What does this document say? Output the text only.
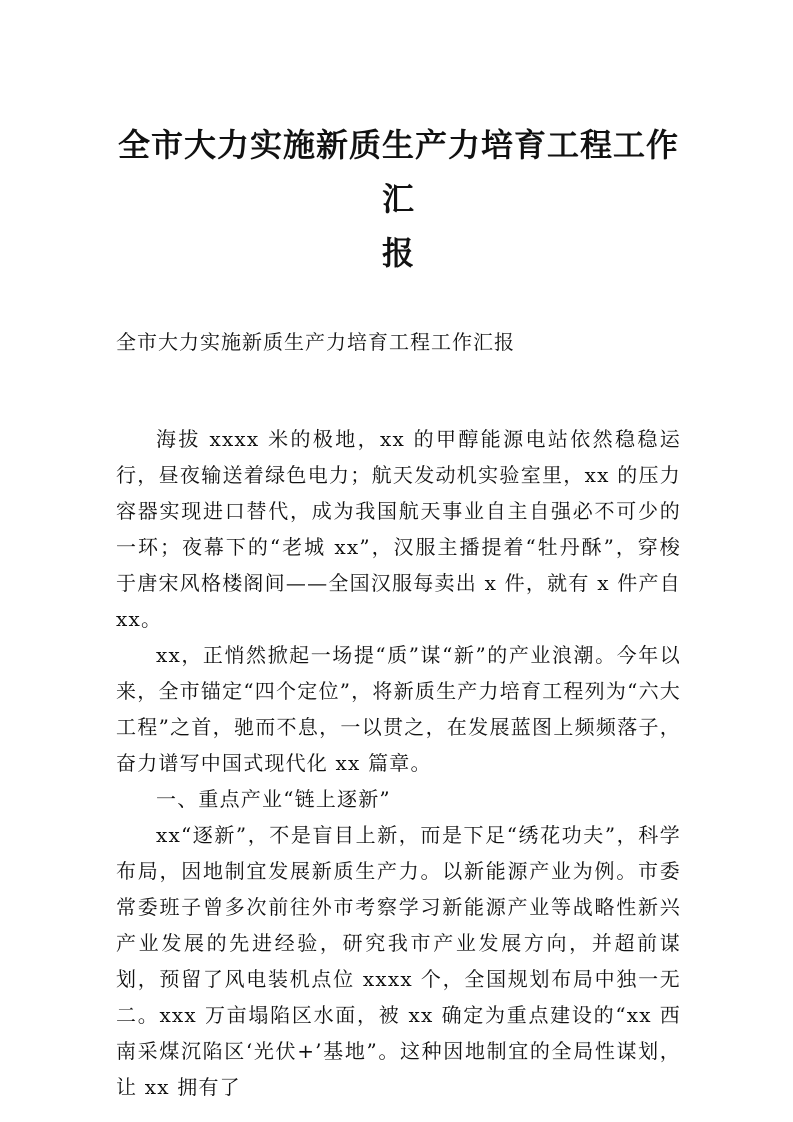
全市大力实施新质生产力培育工程工作汇
报

全市大力实施新质生产力培育工程工作汇报

海拔 xxxx 米的极地，xx 的甲醇能源电站依然稳稳运行，昼夜输送着绿色电力；航天发动机实验室里，xx 的压力容器实现进口替代，成为我国航天事业自主自强必不可少的一环；夜幕下的“老城 xx”，汉服主播提着“牡丹酥”，穿梭于唐宋风格楼阁间——全国汉服每卖出 x 件，就有 x 件产自 xx。

xx，正悄然掀起一场提“质”谋“新”的产业浪潮。今年以来，全市锚定“四个定位”，将新质生产力培育工程列为“六大工程”之首，驰而不息，一以贯之，在发展蓝图上频频落子，奋力谱写中国式现代化 xx 篇章。

一、重点产业“链上逐新”

xx“逐新”，不是盲目上新，而是下足“绣花功夫”，科学布局，因地制宜发展新质生产力。以新能源产业为例。市委常委班子曾多次前往外市考察学习新能源产业等战略性新兴产业发展的先进经验，研究我市产业发展方向，并超前谋划，预留了风电装机点位 xxxx 个，全国规划布局中独一无二。xxx 万亩塌陷区水面，被 xx 确定为重点建设的“xx 西南采煤沉陷区‘光伏+’基地”。这种因地制宜的全局性谋划，让 xx 拥有了
